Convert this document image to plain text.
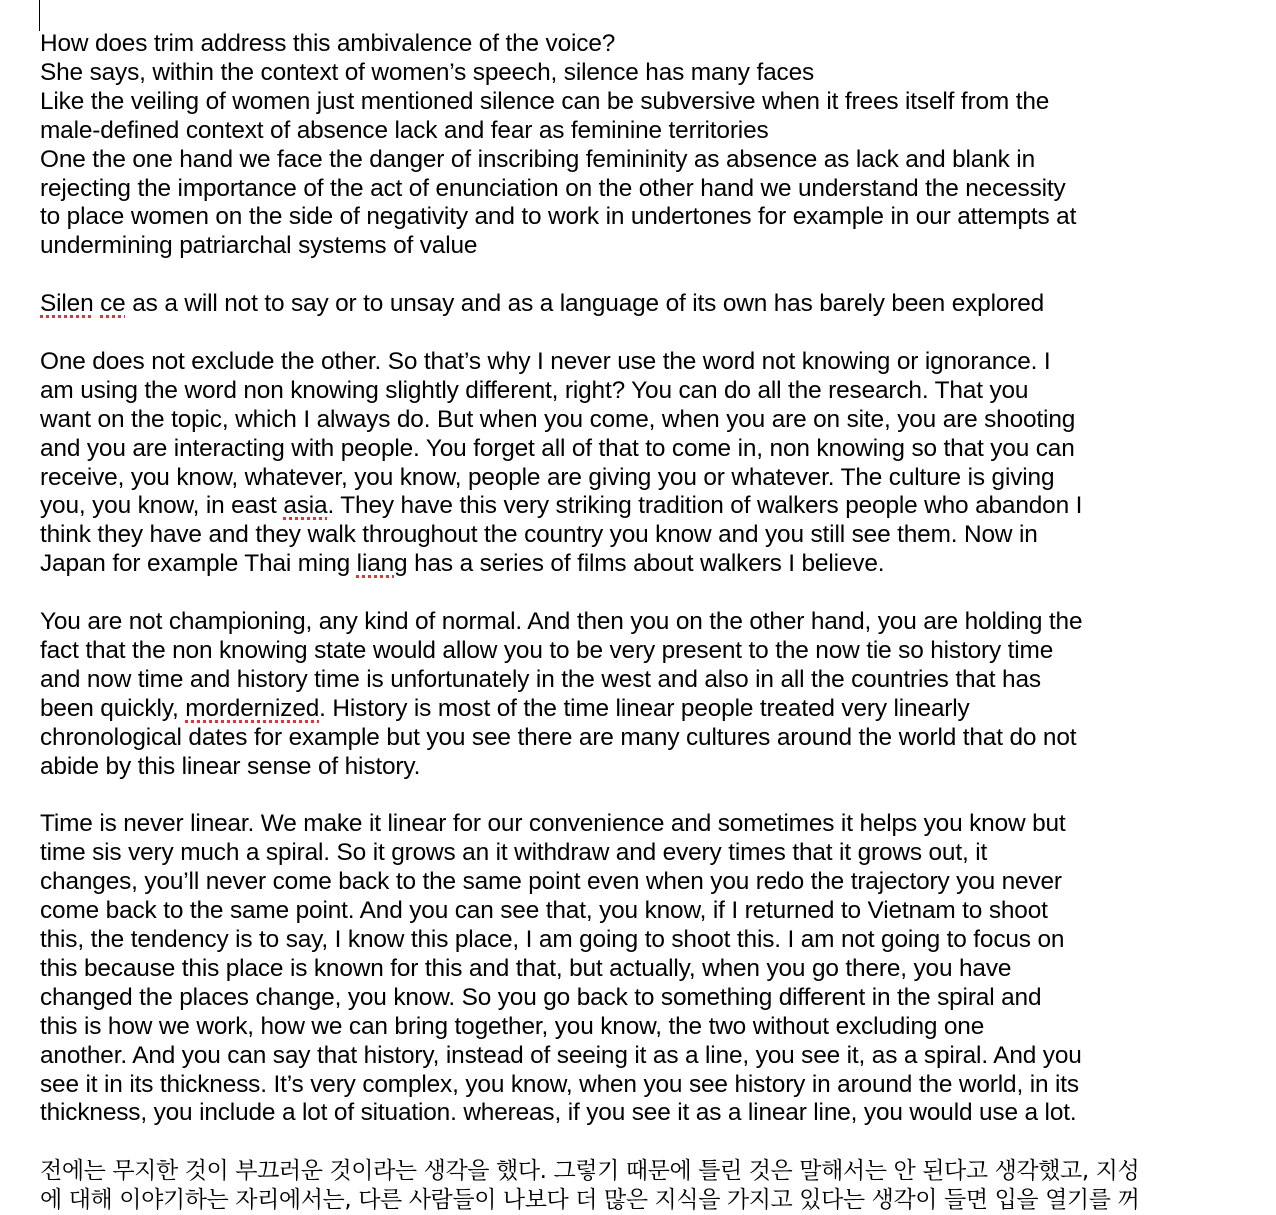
How does trim address this ambivalence of the voice?
She says, within the context of women’s speech, silence has many faces
Like the veiling of women just mentioned silence can be subversive when it frees itself from the
male-defined context of absence lack and fear as feminine territories
One the one hand we face the danger of inscribing femininity as absence as lack and blank in
rejecting the importance of the act of enunciation on the other hand we understand the necessity
to place women on the side of negativity and to work in undertones for example in our attempts at
undermining patriarchal systems of value

Silen ce as a will not to say or to unsay and as a language of its own has barely been explored

One does not exclude the other. So that’s why I never use the word not knowing or ignorance. I
am using the word non knowing slightly different, right? You can do all the research. That you
want on the topic, which I always do. But when you come, when you are on site, you are shooting
and you are interacting with people. You forget all of that to come in, non knowing so that you can
receive, you know, whatever, you know, people are giving you or whatever. The culture is giving
you, you know, in east asia. They have this very striking tradition of walkers people who abandon I
think they have and they walk throughout the country you know and you still see them. Now in
Japan for example Thai ming liang has a series of films about walkers I believe.

You are not championing, any kind of normal. And then you on the other hand, you are holding the
fact that the non knowing state would allow you to be very present to the now tie so history time
and now time and history time is unfortunately in the west and also in all the countries that has
been quickly, mordernized. History is most of the time linear people treated very linearly
chronological dates for example but you see there are many cultures around the world that do not
abide by this linear sense of history.

Time is never linear. We make it linear for our convenience and sometimes it helps you know but
time sis very much a spiral. So it grows an it withdraw and every times that it grows out, it
changes, you’ll never come back to the same point even when you redo the trajectory you never
come back to the same point. And you can see that, you know, if I returned to Vietnam to shoot
this, the tendency is to say, I know this place, I am going to shoot this. I am not going to focus on
this because this place is known for this and that, but actually, when you go there, you have
changed the places change, you know. So you go back to something different in the spiral and
this is how we work, how we can bring together, you know, the two without excluding one
another. And you can say that history, instead of seeing it as a line, you see it, as a spiral. And you
see it in its thickness. It’s very complex, you know, when you see history in around the world, in its
thickness, you include a lot of situation. whereas, if you see it as a linear line, you would use a lot.

전에는 무지한 것이 부끄러운 것이라는 생각을 했다. 그렇기 때문에 틀린 것은 말해서는 안 된다고 생각했고, 지성
에 대해 이야기하는 자리에서는, 다른 사람들이 나보다 더 많은 지식을 가지고 있다는 생각이 들면 입을 열기를 꺼
